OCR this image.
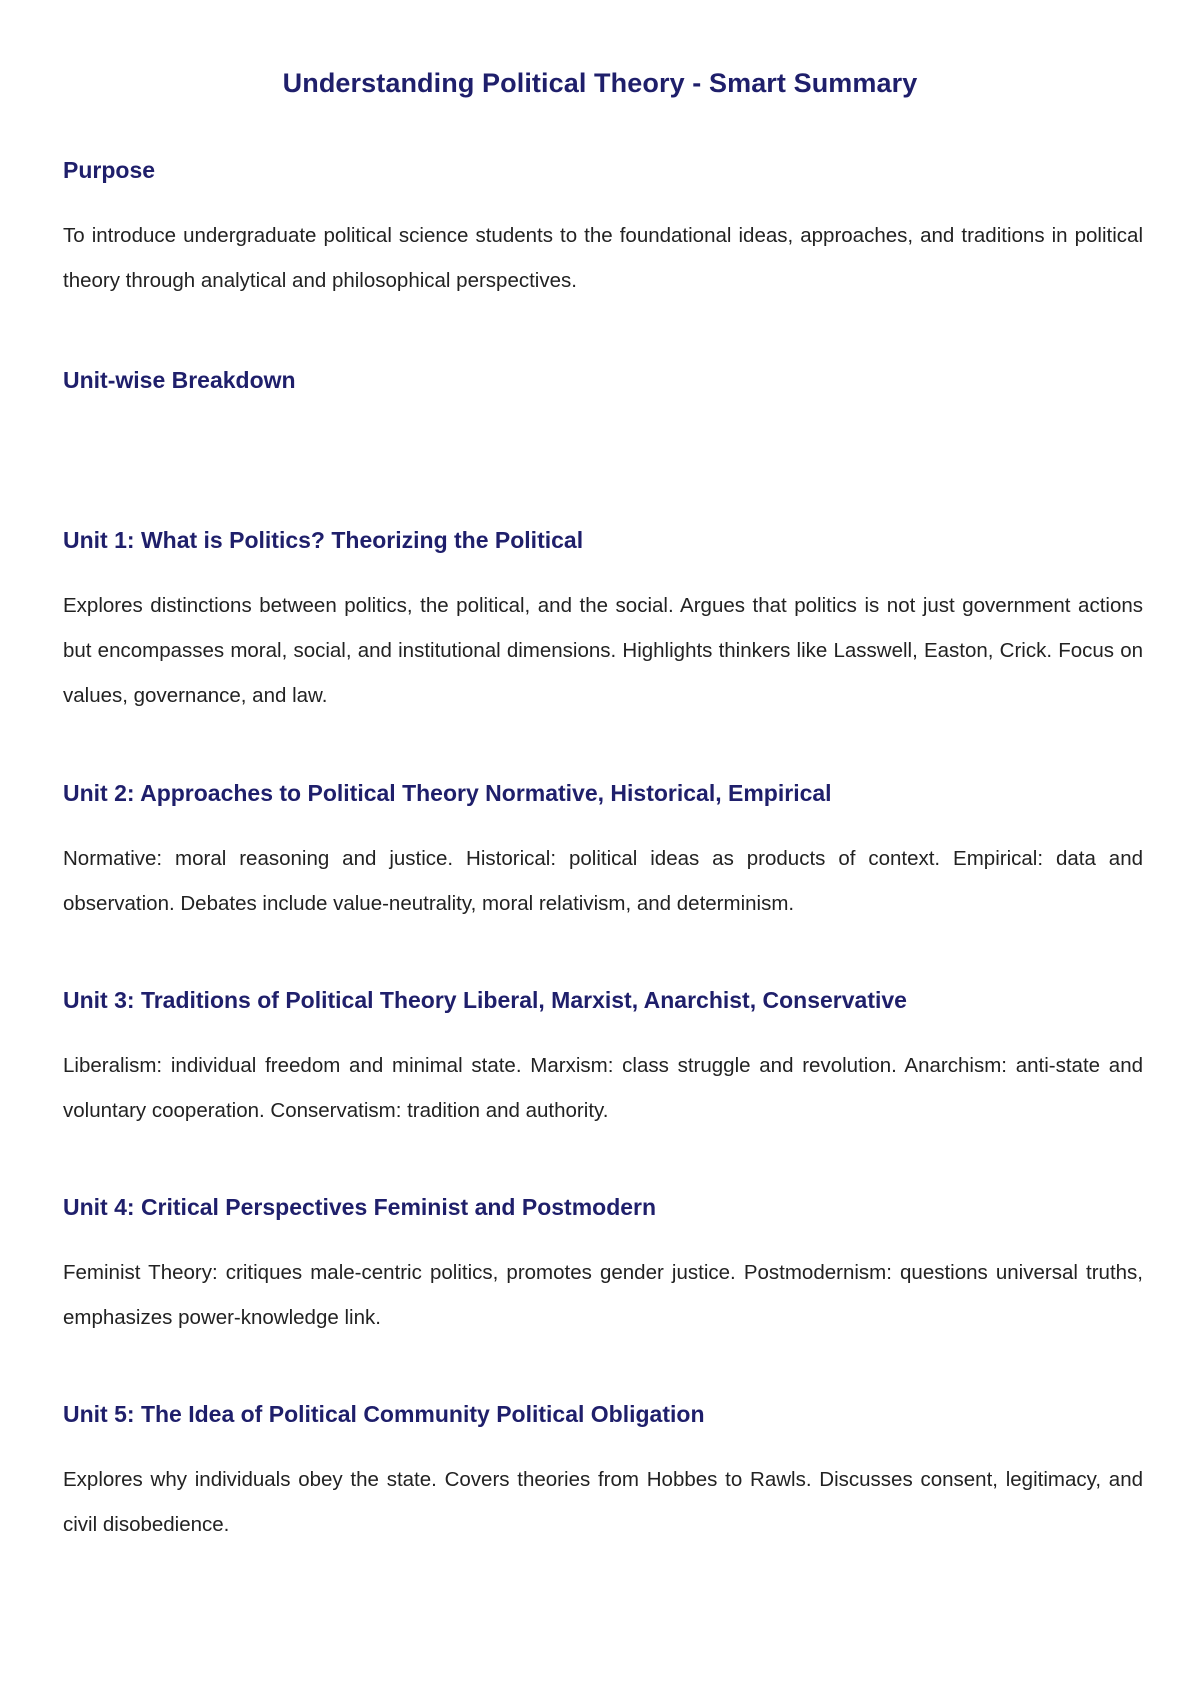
Understanding Political Theory - Smart Summary
Purpose

To introduce undergraduate political science students to the foundational ideas, approaches, and traditions in political theory through analytical and philosophical perspectives.

Unit-wise Breakdown
Unit 1: What is Politics? Theorizing the Political

Explores distinctions between politics, the political, and the social. Argues that politics is not just government actions but encompasses moral, social, and institutional dimensions. Highlights thinkers like Lasswell, Easton, Crick. Focus on values, governance, and law.

Unit 2: Approaches to Political Theory Normative, Historical, Empirical

Normative: moral reasoning and justice. Historical: political ideas as products of context. Empirical: data and observation. Debates include value-neutrality, moral relativism, and determinism.

Unit 3: Traditions of Political Theory Liberal, Marxist, Anarchist, Conservative

Liberalism: individual freedom and minimal state. Marxism: class struggle and revolution. Anarchism: anti-state and voluntary cooperation. Conservatism: tradition and authority.

Unit 4: Critical Perspectives Feminist and Postmodern

Feminist Theory: critiques male-centric politics, promotes gender justice. Postmodernism: questions universal truths, emphasizes power-knowledge link.

Unit 5: The Idea of Political Community Political Obligation

Explores why individuals obey the state. Covers theories from Hobbes to Rawls. Discusses consent, legitimacy, and civil disobedience.
